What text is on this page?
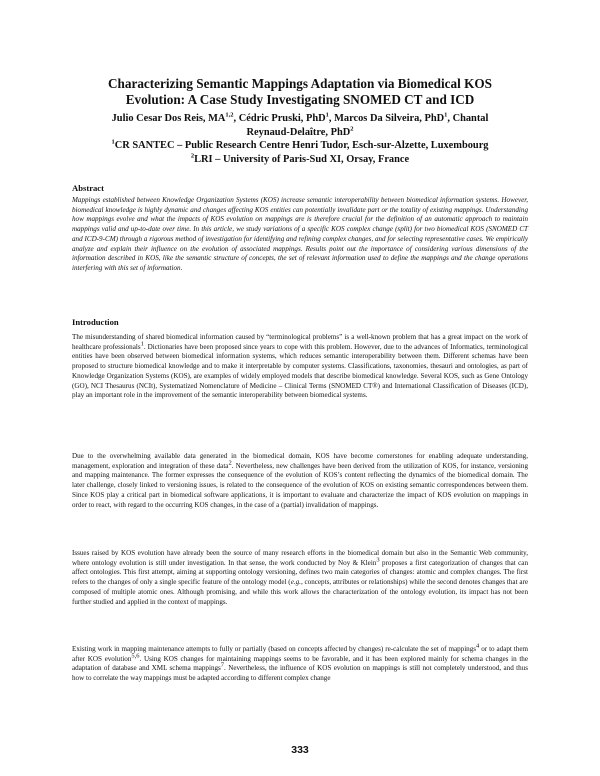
Characterizing Semantic Mappings Adaptation via Biomedical KOS
Evolution: A Case Study Investigating SNOMED CT and ICD
Julio Cesar Dos Reis, MA$^{1,2}$, Cédric Pruski, PhD$^1$, Marcos Da Silveira, PhD$^1$, Chantal
Reynaud-Delaître, PhD$^2$
$^1$CR SANTEC – Public Research Centre Henri Tudor, Esch-sur-Alzette, Luxembourg
$^2$LRI – University of Paris-Sud XI, Orsay, France
Abstract

Mappings established between Knowledge Organization Systems (KOS) increase semantic interoperability between biomedical information systems. However, biomedical knowledge is highly dynamic and changes affecting KOS entities can potentially invalidate part or the totality of existing mappings. Understanding how mappings evolve and what the impacts of KOS evolution on mappings are is therefore crucial for the definition of an automatic approach to maintain mappings valid and up-to-date over time. In this article, we study variations of a specific KOS complex change (split) for two biomedical KOS (SNOMED CT and ICD-9-CM) through a rigorous method of investigation for identifying and refining complex changes, and for selecting representative cases. We empirically analyze and explain their influence on the evolution of associated mappings. Results point out the importance of considering various dimensions of the information described in KOS, like the semantic structure of concepts, the set of relevant information used to define the mappings and the change operations interfering with this set of information.

Introduction

The misunderstanding of shared biomedical information caused by “terminological problems” is a well-known problem that has a great impact on the work of healthcare professionals$^1$. Dictionaries have been proposed since years to cope with this problem. However, due to the advances of Informatics, terminological entities have been observed between biomedical information systems, which reduces semantic interoperability between them. Different schemas have been proposed to structure biomedical knowledge and to make it interpretable by computer systems. Classifications, taxonomies, thesauri and ontologies, as part of Knowledge Organization Systems (KOS), are examples of widely employed models that describe biomedical knowledge. Several KOS, such as Gene Ontology (GO), NCI Thesaurus (NCIt), Systematized Nomenclature of Medicine – Clinical Terms (SNOMED CT®) and International Classification of Diseases (ICD), play an important role in the improvement of the semantic interoperability between biomedical systems.

Due to the overwhelming available data generated in the biomedical domain, KOS have become cornerstones for enabling adequate understanding, management, exploration and integration of these data$^2$. Nevertheless, new challenges have been derived from the utilization of KOS, for instance, versioning and mapping maintenance. The former expresses the consequence of the evolution of KOS’s content reflecting the dynamics of the biomedical domain. The later challenge, closely linked to versioning issues, is related to the consequence of the evolution of KOS on existing semantic correspondences between them. Since KOS play a critical part in biomedical software applications, it is important to evaluate and characterize the impact of KOS evolution on mappings in order to react, with regard to the occurring KOS changes, in the case of a (partial) invalidation of mappings.

Issues raised by KOS evolution have already been the source of many research efforts in the biomedical domain but also in the Semantic Web community, where ontology evolution is still under investigation. In that sense, the work conducted by Noy & Klein$^3$ proposes a first categorization of changes that can affect ontologies. This first attempt, aiming at supporting ontology versioning, defines two main categories of changes: atomic and complex changes. The first refers to the changes of only a single specific feature of the ontology model (e.g., concepts, attributes or relationships) while the second denotes changes that are composed of multiple atomic ones. Although promising, and while this work allows the characterization of the ontology evolution, its impact has not been further studied and applied in the context of mappings.

Existing work in mapping maintenance attempts to fully or partially (based on concepts affected by changes) re-calculate the set of mappings$^4$ or to adapt them after KOS evolution$^{5,6}$. Using KOS changes for maintaining mappings seems to be favorable, and it has been explored mainly for schema changes in the adaptation of database and XML schema mappings$^7$. Nevertheless, the influence of KOS evolution on mappings is still not completely understood, and thus how to correlate the way mappings must be adapted according to different complex change

333
